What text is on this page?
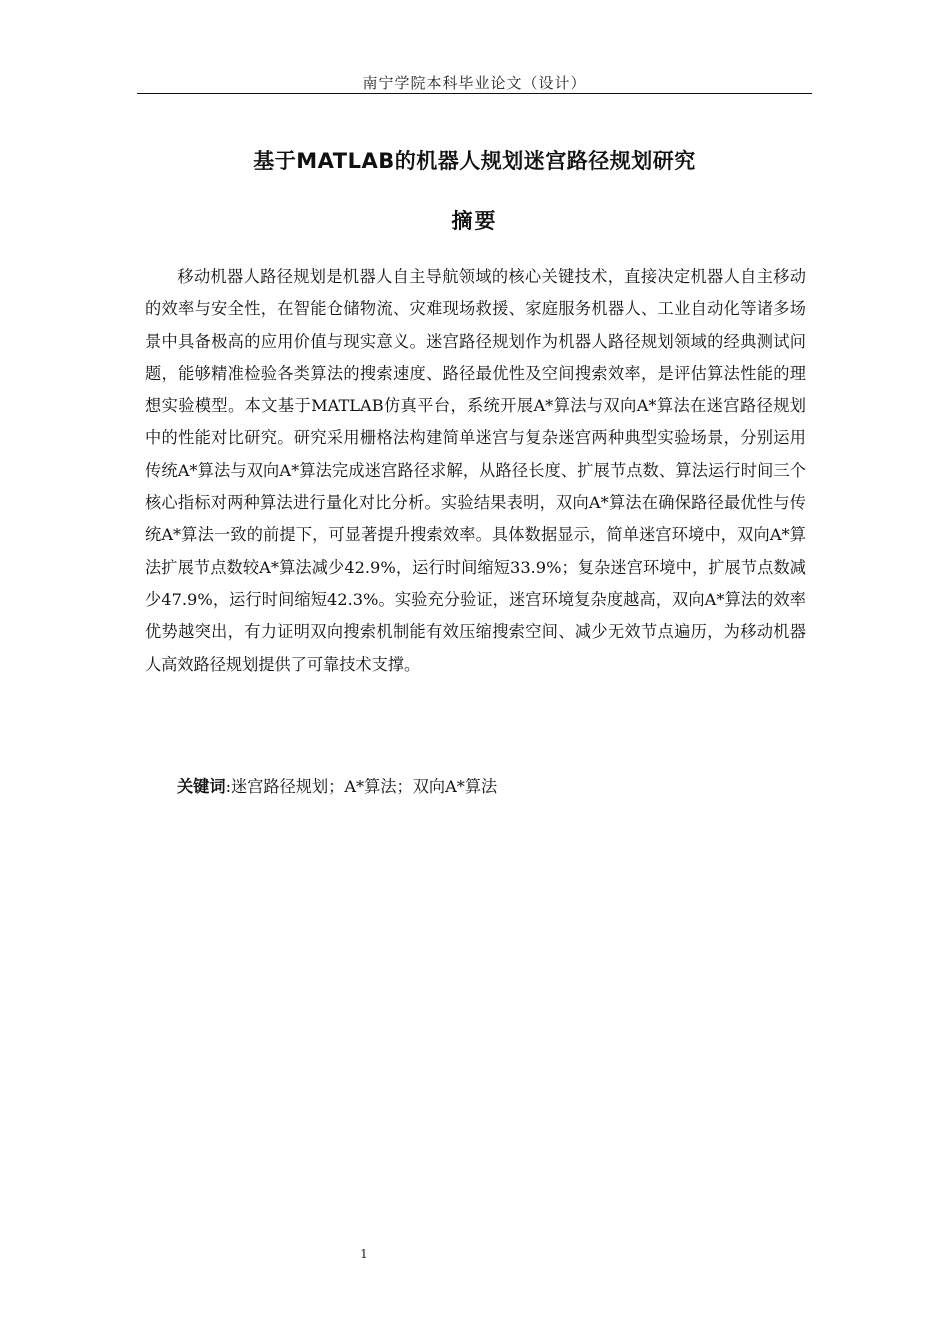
南宁学院本科毕业论文（设计）
基于MATLAB的机器人规划迷宫路径规划研究
摘要

移动机器人路径规划是机器人自主导航领域的核心关键技术，直接决定机器人自主移动的效率与安全性，在智能仓储物流、灾难现场救援、家庭服务机器人、工业自动化等诸多场景中具备极高的应用价值与现实意义。迷宫路径规划作为机器人路径规划领域的经典测试问题，能够精准检验各类算法的搜索速度、路径最优性及空间搜索效率，是评估算法性能的理想实验模型。本文基于MATLAB仿真平台，系统开展A*算法与双向A*算法在迷宫路径规划中的性能对比研究。研究采用栅格法构建简单迷宫与复杂迷宫两种典型实验场景，分别运用传统A*算法与双向A*算法完成迷宫路径求解，从路径长度、扩展节点数、算法运行时间三个核心指标对两种算法进行量化对比分析。实验结果表明，双向A*算法在确保路径最优性与传统A*算法一致的前提下，可显著提升搜索效率。具体数据显示，简单迷宫环境中，双向A*算法扩展节点数较A*算法减少42.9%，运行时间缩短33.9%；复杂迷宫环境中，扩展节点数减少47.9%，运行时间缩短42.3%。实验充分验证，迷宫环境复杂度越高，双向A*算法的效率优势越突出，有力证明双向搜索机制能有效压缩搜索空间、减少无效节点遍历，为移动机器人高效路径规划提供了可靠技术支撑。

关键词:迷宫路径规划；A*算法；双向A*算法
1
